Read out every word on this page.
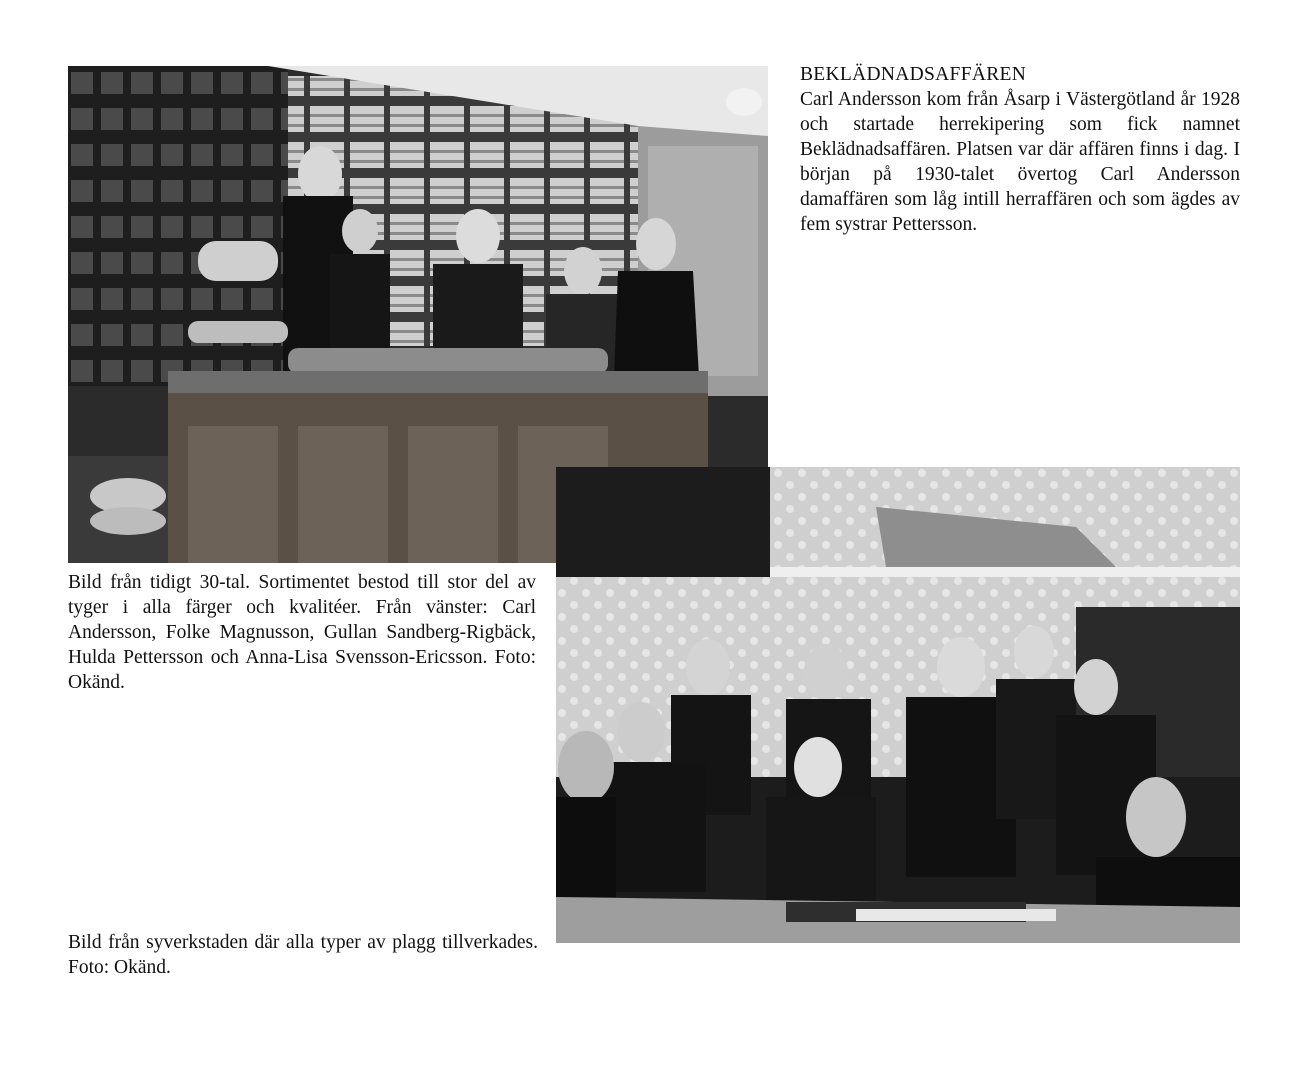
BEKLÄDNADSAFFÄREN
Carl Andersson kom från Åsarp i Västergötland år 1928 och startade herrekipering som fick namnet Beklädnadsaffären. Platsen var där affären finns i dag. I början på 1930-talet övertog Carl Andersson damaffären som låg intill herraffären och som ägdes av fem systrar Pettersson.
Bild från tidigt 30-tal. Sortimentet bestod till stor del av tyger i alla färger och kvalitéer. Från vänster: Carl Andersson, Folke Magnusson, Gullan Sandberg-Rigbäck, Hulda Pettersson och Anna-Lisa Svensson-Ericsson. Foto: Okänd.
Bild från syverkstaden där alla typer av plagg tillverkades. Foto: Okänd.
